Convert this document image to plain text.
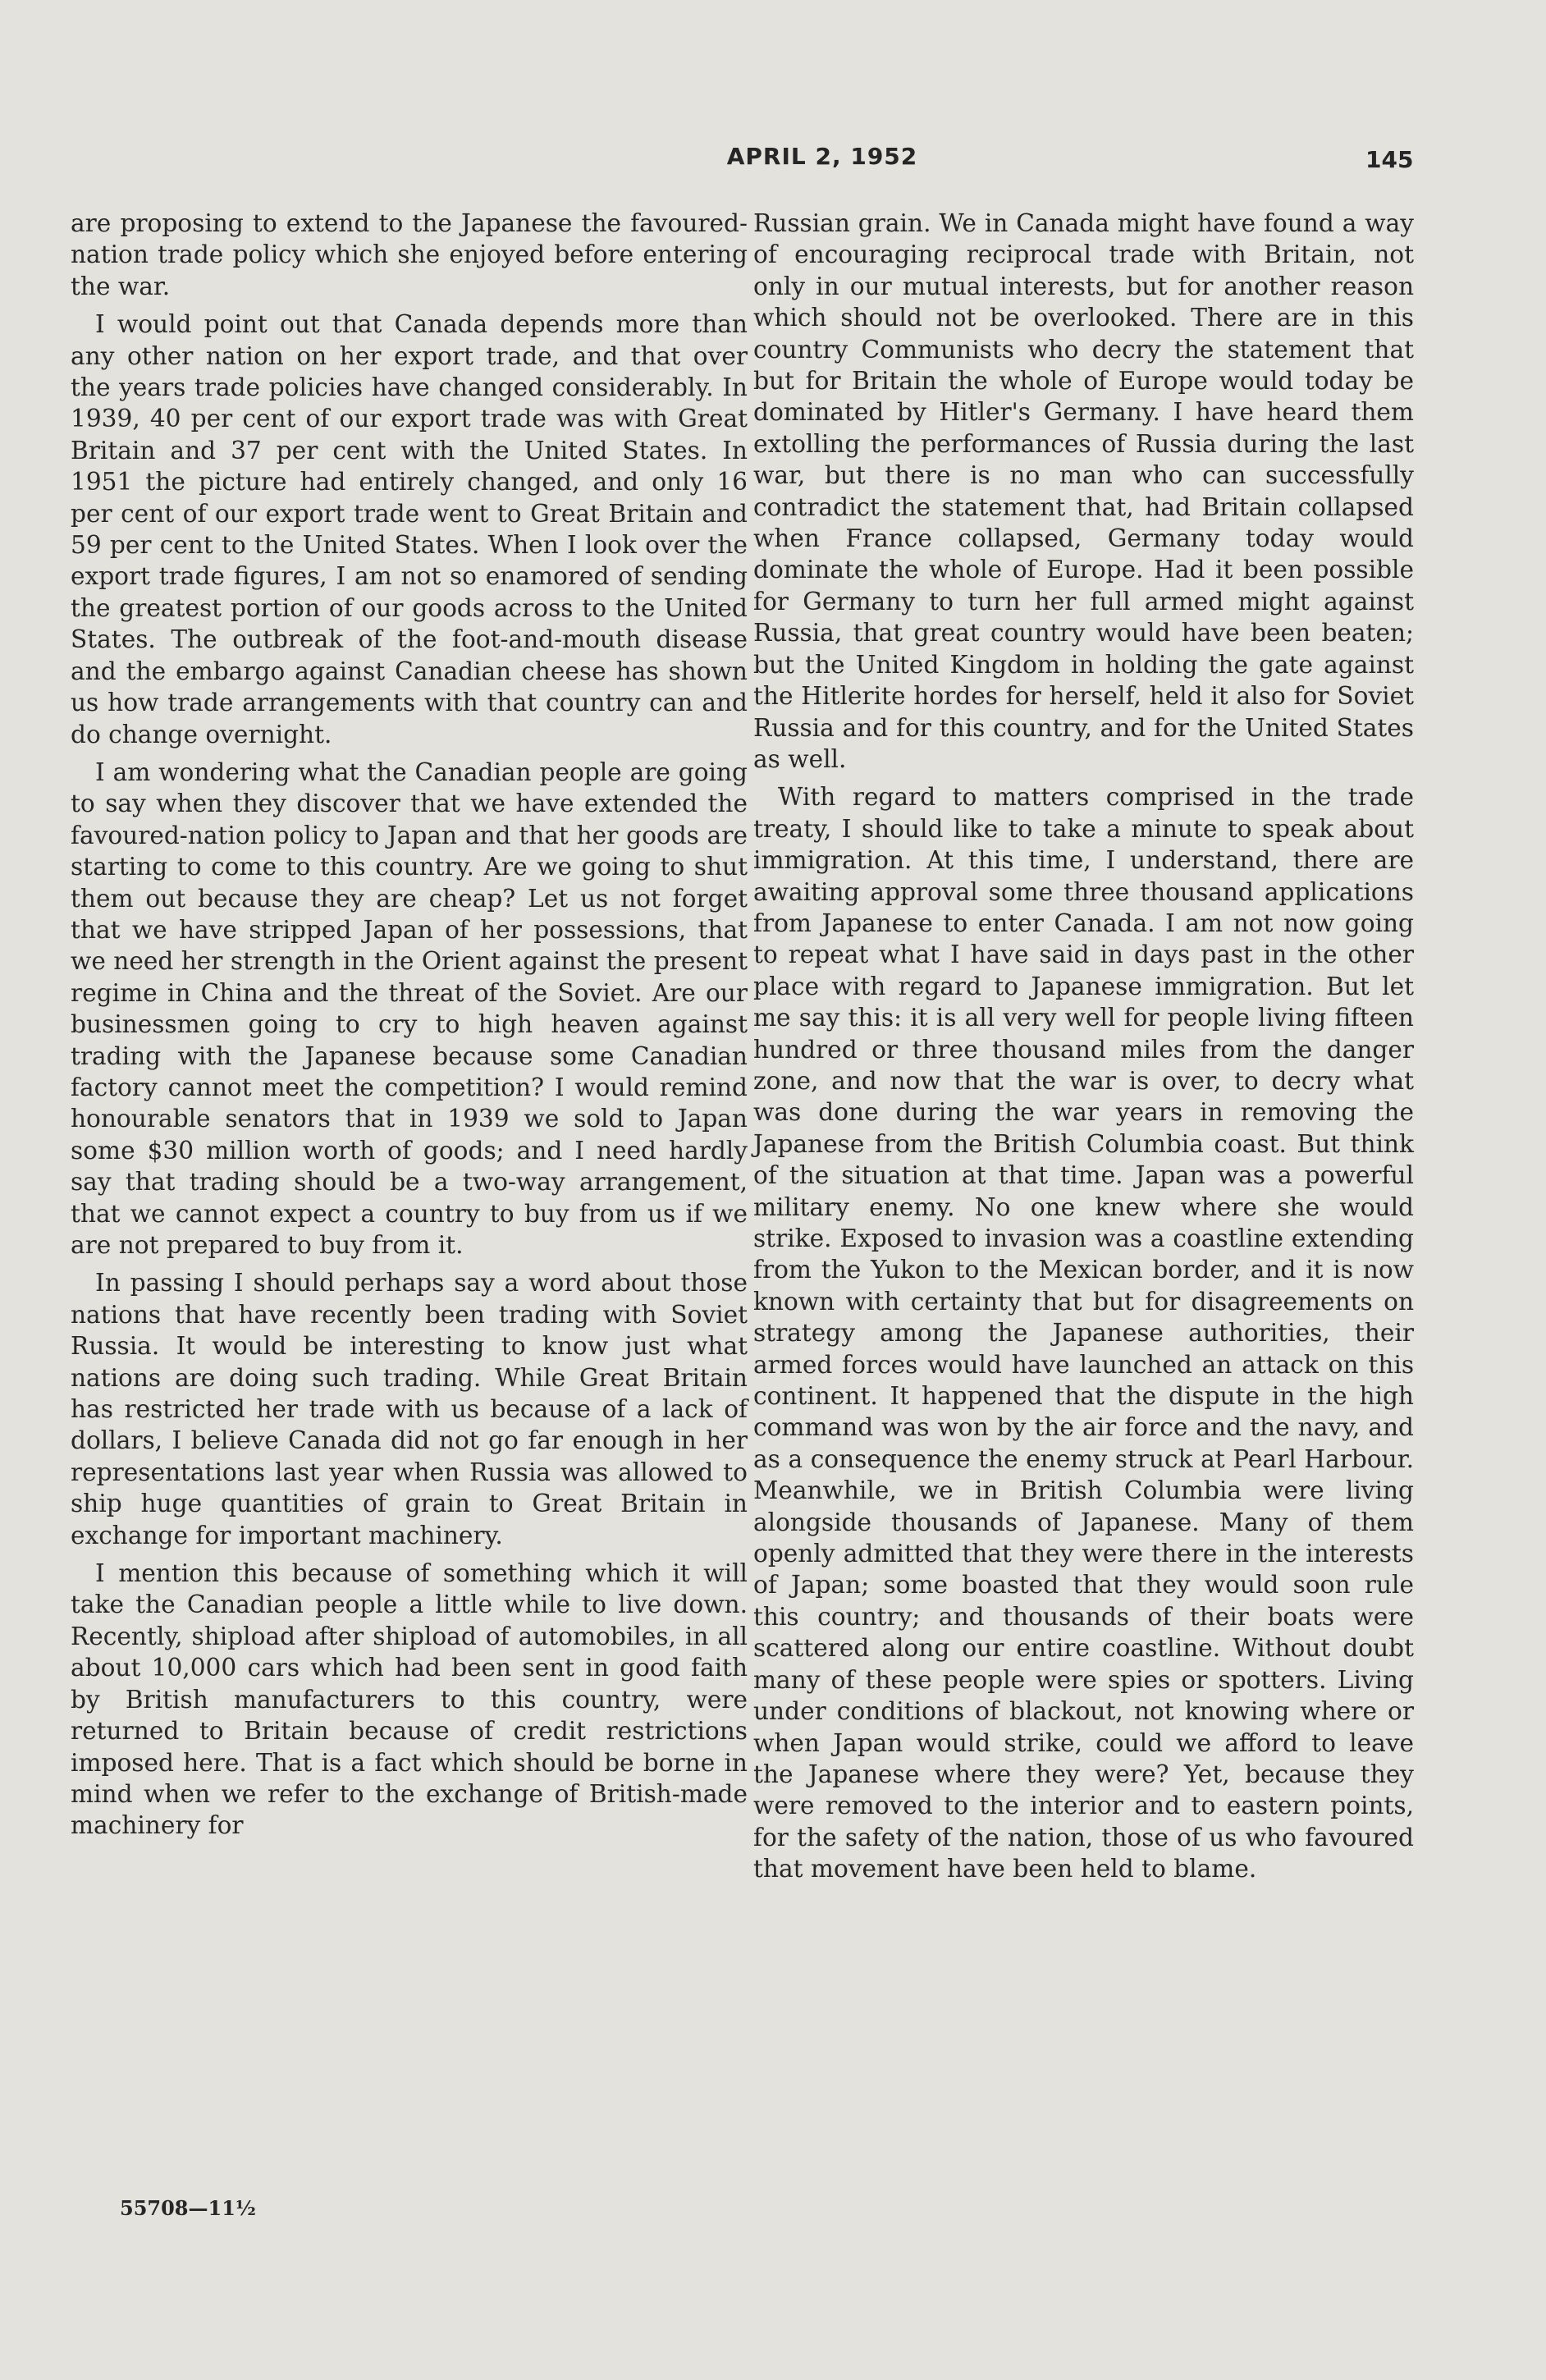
APRIL 2, 1952	145

are proposing to extend to the Japanese the favoured-nation trade policy which she enjoyed before entering the war.

I would point out that Canada depends more than any other nation on her export trade, and that over the years trade policies have changed considerably. In 1939, 40 per cent of our export trade was with Great Britain and 37 per cent with the United States. In 1951 the picture had entirely changed, and only 16 per cent of our export trade went to Great Britain and 59 per cent to the United States. When I look over the export trade figures, I am not so enamored of sending the greatest portion of our goods across to the United States. The outbreak of the foot-and-mouth disease and the embargo against Canadian cheese has shown us how trade arrangements with that country can and do change overnight.

I am wondering what the Canadian people are going to say when they discover that we have extended the favoured-nation policy to Japan and that her goods are starting to come to this country. Are we going to shut them out because they are cheap? Let us not forget that we have stripped Japan of her possessions, that we need her strength in the Orient against the present regime in China and the threat of the Soviet. Are our businessmen going to cry to high heaven against trading with the Japanese because some Canadian factory cannot meet the competition? I would remind honourable senators that in 1939 we sold to Japan some $30 million worth of goods; and I need hardly say that trading should be a two-way arrangement, that we cannot expect a country to buy from us if we are not prepared to buy from it.

In passing I should perhaps say a word about those nations that have recently been trading with Soviet Russia. It would be interesting to know just what nations are doing such trading. While Great Britain has restricted her trade with us because of a lack of dollars, I believe Canada did not go far enough in her representations last year when Russia was allowed to ship huge quantities of grain to Great Britain in exchange for important machinery.

I mention this because of something which it will take the Canadian people a little while to live down. Recently, shipload after shipload of automobiles, in all about 10,000 cars which had been sent in good faith by British manufacturers to this country, were returned to Britain because of credit restrictions imposed here. That is a fact which should be borne in mind when we refer to the exchange of British-made machinery for

Russian grain. We in Canada might have found a way of encouraging reciprocal trade with Britain, not only in our mutual interests, but for another reason which should not be overlooked. There are in this country Communists who decry the statement that but for Britain the whole of Europe would today be dominated by Hitler's Germany. I have heard them extolling the performances of Russia during the last war, but there is no man who can successfully contradict the statement that, had Britain collapsed when France collapsed, Germany today would dominate the whole of Europe. Had it been possible for Germany to turn her full armed might against Russia, that great country would have been beaten; but the United Kingdom in holding the gate against the Hitlerite hordes for herself, held it also for Soviet Russia and for this country, and for the United States as well.

With regard to matters comprised in the trade treaty, I should like to take a minute to speak about immigration. At this time, I understand, there are awaiting approval some three thousand applications from Japanese to enter Canada. I am not now going to repeat what I have said in days past in the other place with regard to Japanese immigration. But let me say this: it is all very well for people living fifteen hundred or three thousand miles from the danger zone, and now that the war is over, to decry what was done during the war years in removing the Japanese from the British Columbia coast. But think of the situation at that time. Japan was a powerful military enemy. No one knew where she would strike. Exposed to invasion was a coastline extending from the Yukon to the Mexican border, and it is now known with certainty that but for disagreements on strategy among the Japanese authorities, their armed forces would have launched an attack on this continent. It happened that the dispute in the high command was won by the air force and the navy, and as a consequence the enemy struck at Pearl Harbour. Meanwhile, we in British Columbia were living alongside thousands of Japanese. Many of them openly admitted that they were there in the interests of Japan; some boasted that they would soon rule this country; and thousands of their boats were scattered along our entire coastline. Without doubt many of these people were spies or spotters. Living under conditions of blackout, not knowing where or when Japan would strike, could we afford to leave the Japanese where they were? Yet, because they were removed to the interior and to eastern points, for the safety of the nation, those of us who favoured that movement have been held to blame.

55708—11½
